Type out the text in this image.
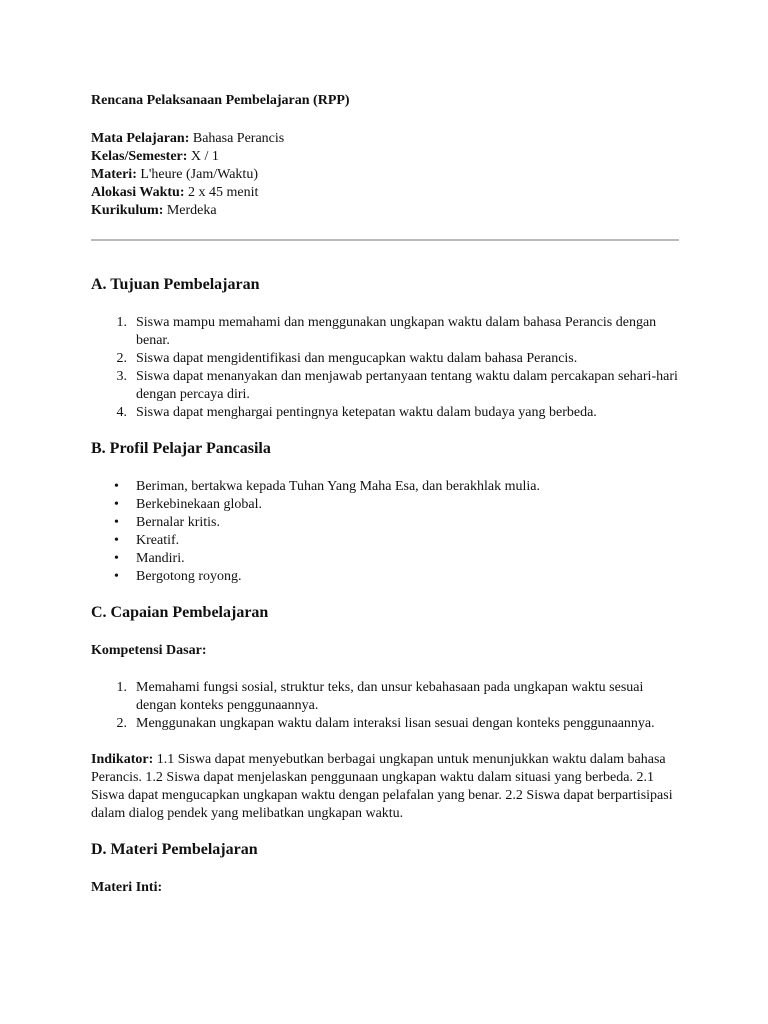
Rencana Pelaksanaan Pembelajaran (RPP)

Mata Pelajaran: Bahasa Perancis
Kelas/Semester: X / 1
Materi: L'heure (Jam/Waktu)
Alokasi Waktu: 2 x 45 menit
Kurikulum: Merdeka
A. Tujuan Pembelajaran
1. Siswa mampu memahami dan menggunakan ungkapan waktu dalam bahasa Perancis dengan benar.
2. Siswa dapat mengidentifikasi dan mengucapkan waktu dalam bahasa Perancis.
3. Siswa dapat menanyakan dan menjawab pertanyaan tentang waktu dalam percakapan sehari-hari dengan percaya diri.
4. Siswa dapat menghargai pentingnya ketepatan waktu dalam budaya yang berbeda.
B. Profil Pelajar Pancasila
• Beriman, bertakwa kepada Tuhan Yang Maha Esa, dan berakhlak mulia.
• Berkebinekaan global.
• Bernalar kritis.
• Kreatif.
• Mandiri.
• Bergotong royong.
C. Capaian Pembelajaran
Kompetensi Dasar:
1. Memahami fungsi sosial, struktur teks, dan unsur kebahasaan pada ungkapan waktu sesuai dengan konteks penggunaannya.
2. Menggunakan ungkapan waktu dalam interaksi lisan sesuai dengan konteks penggunaannya.
Indikator: 1.1 Siswa dapat menyebutkan berbagai ungkapan untuk menunjukkan waktu dalam bahasa Perancis. 1.2 Siswa dapat menjelaskan penggunaan ungkapan waktu dalam situasi yang berbeda. 2.1 Siswa dapat mengucapkan ungkapan waktu dengan pelafalan yang benar. 2.2 Siswa dapat berpartisipasi dalam dialog pendek yang melibatkan ungkapan waktu.
D. Materi Pembelajaran
Materi Inti:
